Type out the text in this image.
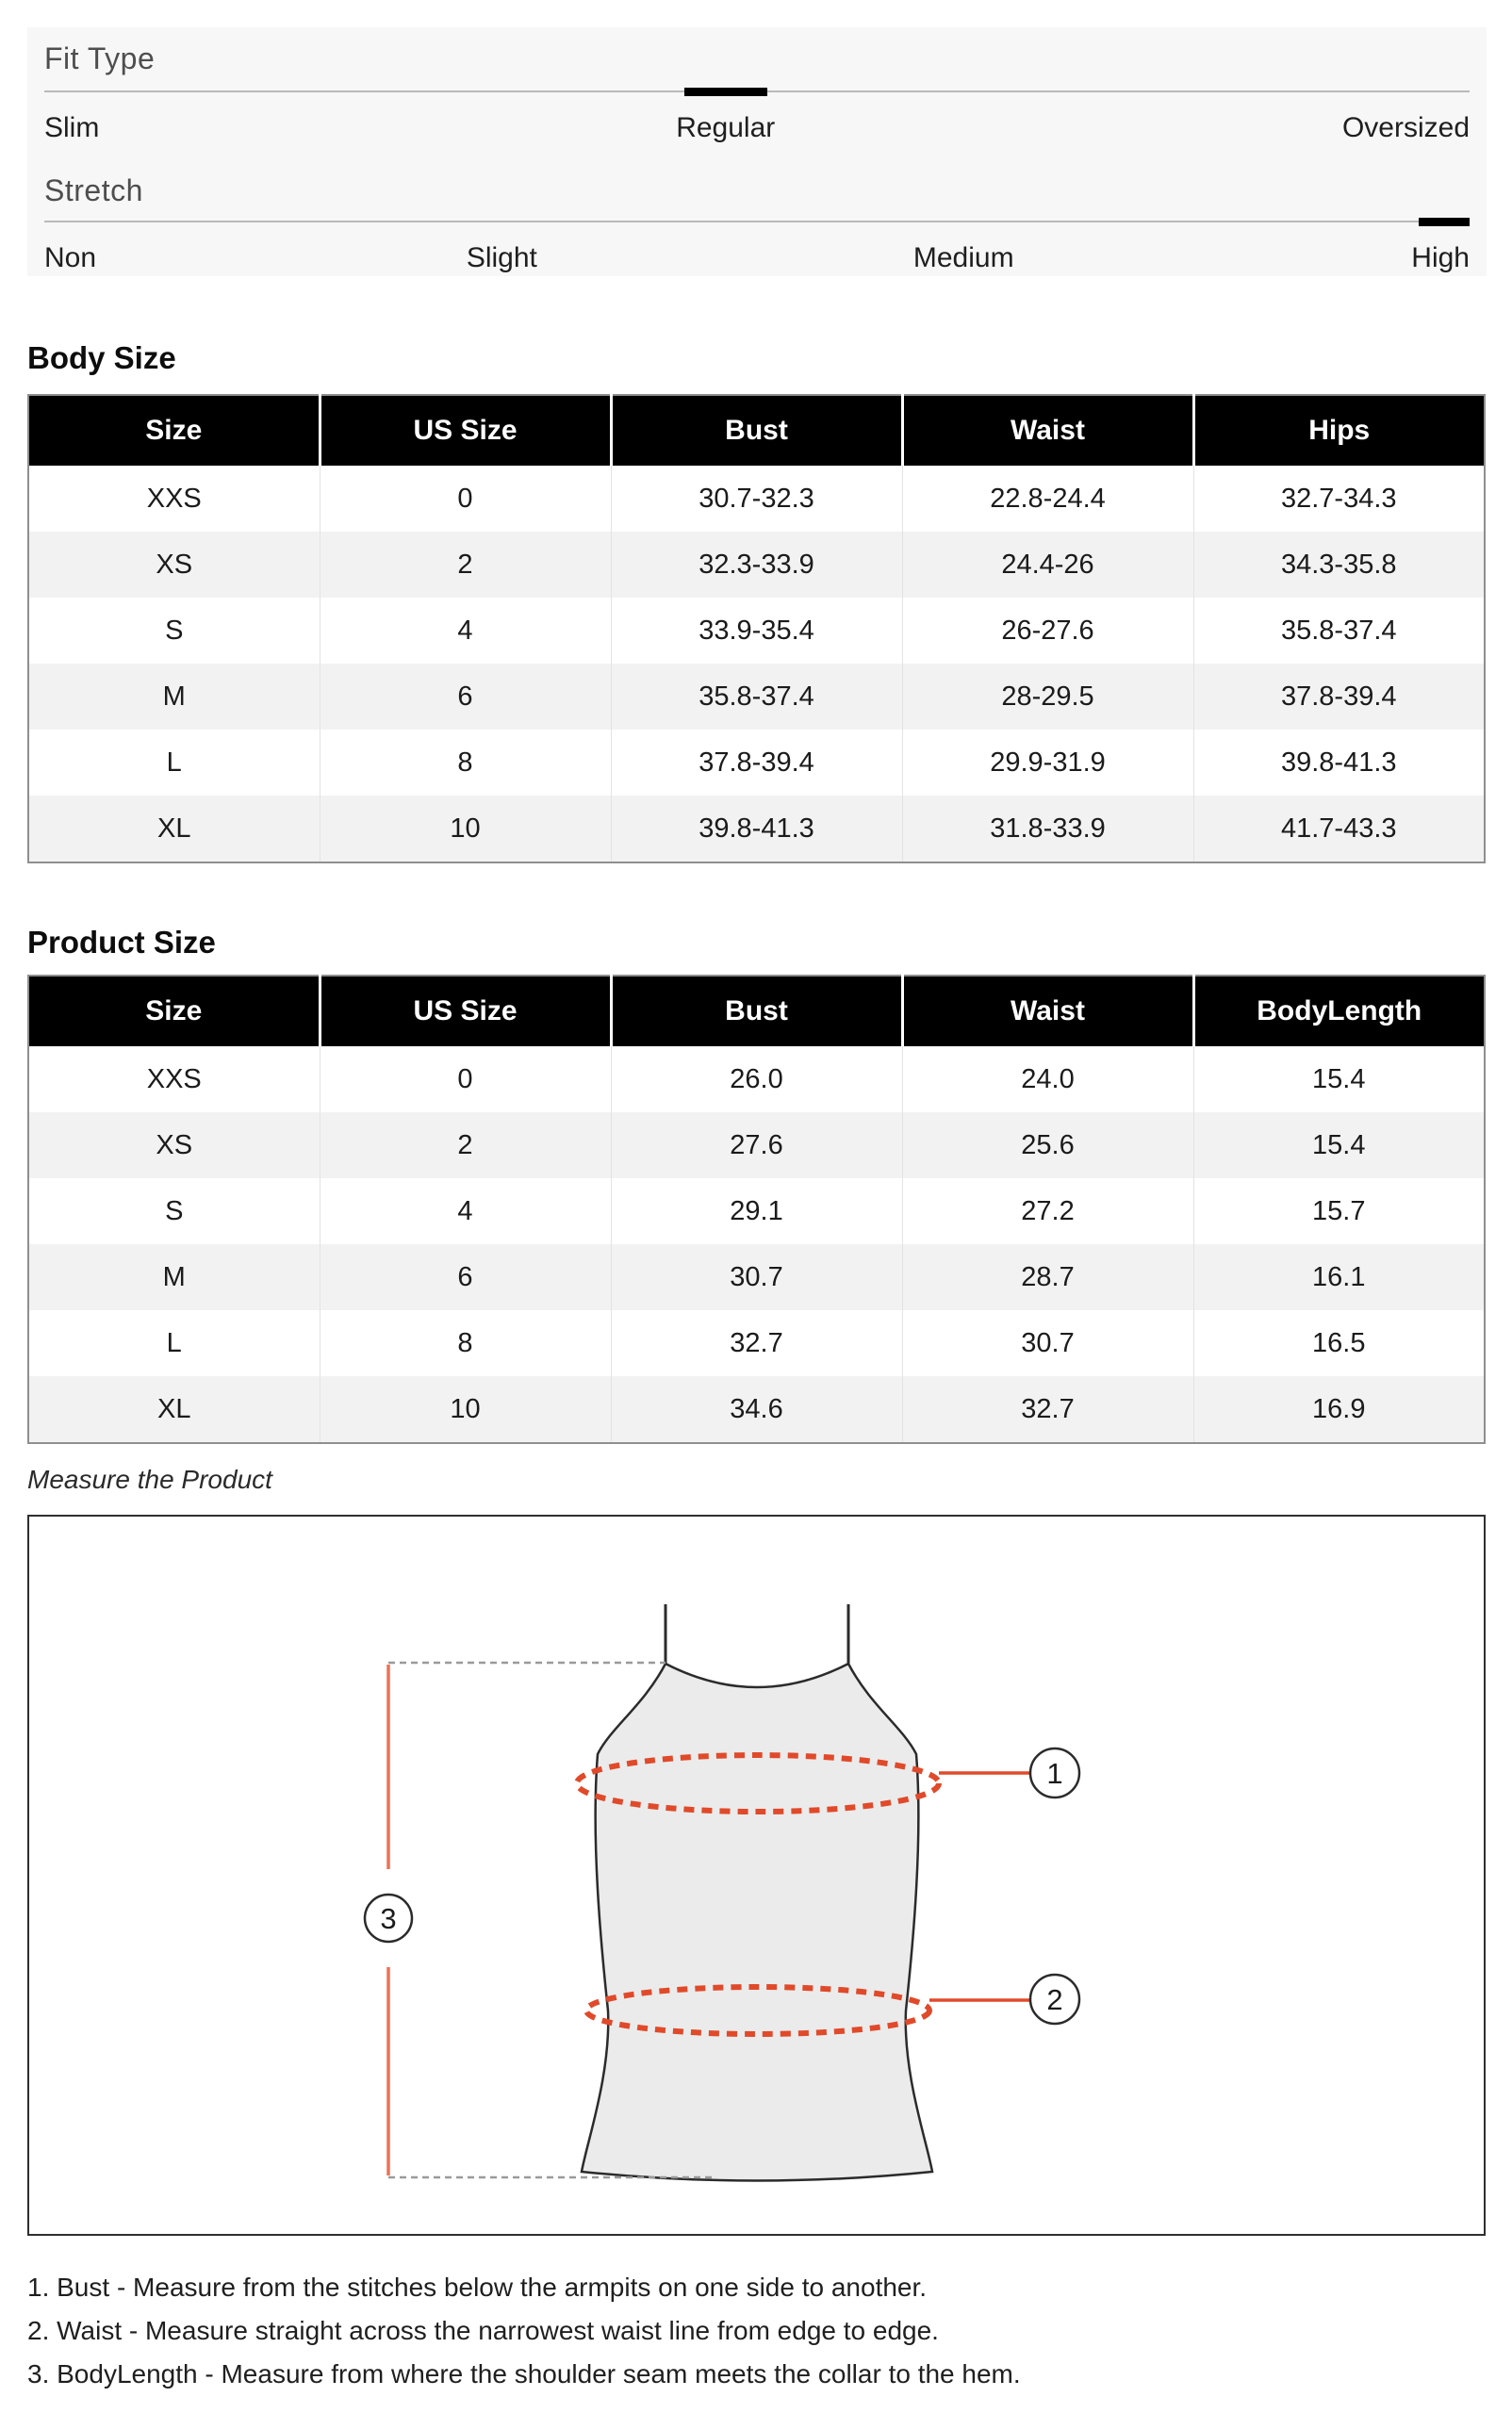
Fit Type
Slim	Regular	Oversized
Stretch
Non	Slight	Medium	High
Body Size
Size	US Size	Bust	Waist	Hips
XXS	0	30.7-32.3	22.8-24.4	32.7-34.3
XS	2	32.3-33.9	24.4-26	34.3-35.8
S	4	33.9-35.4	26-27.6	35.8-37.4
M	6	35.8-37.4	28-29.5	37.8-39.4
L	8	37.8-39.4	29.9-31.9	39.8-41.3
XL	10	39.8-41.3	31.8-33.9	41.7-43.3
Product Size
Size	US Size	Bust	Waist	BodyLength
XXS	0	26.0	24.0	15.4
XS	2	27.6	25.6	15.4
S	4	29.1	27.2	15.7
M	6	30.7	28.7	16.1
L	8	32.7	30.7	16.5
XL	10	34.6	32.7	16.9
Measure the Product
1
2
3
1. Bust - Measure from the stitches below the armpits on one side to another.
2. Waist - Measure straight across the narrowest waist line from edge to edge.
3. BodyLength - Measure from where the shoulder seam meets the collar to the hem.
